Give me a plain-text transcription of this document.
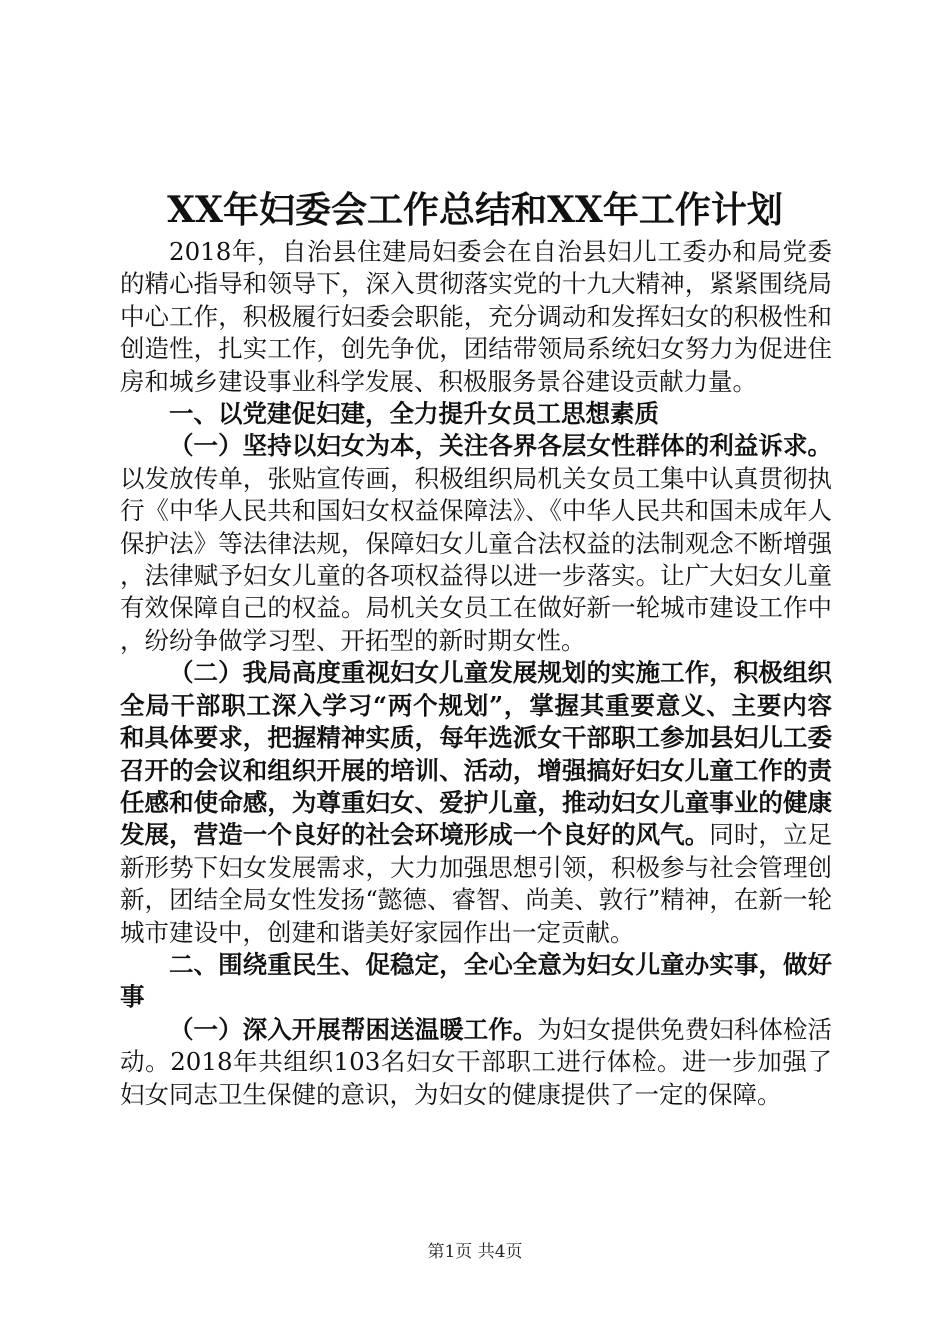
XX年妇委会工作总结和XX年工作计划

2018年，自治县住建局妇委会在自治县妇儿工委办和局党委的精心指导和领导下，深入贯彻落实党的十九大精神，紧紧围绕局中心工作，积极履行妇委会职能，充分调动和发挥妇女的积极性和创造性，扎实工作，创先争优，团结带领局系统妇女努力为促进住房和城乡建设事业科学发展、积极服务景谷建设贡献力量。

一、以党建促妇建，全力提升女员工思想素质

（一）坚持以妇女为本，关注各界各层女性群体的利益诉求。以发放传单，张贴宣传画，积极组织局机关女员工集中认真贯彻执行《中华人民共和国妇女权益保障法》、《中华人民共和国未成年人保护法》等法律法规，保障妇女儿童合法权益的法制观念不断增强，法律赋予妇女儿童的各项权益得以进一步落实。让广大妇女儿童有效保障自己的权益。局机关女员工在做好新一轮城市建设工作中，纷纷争做学习型、开拓型的新时期女性。

（二）我局高度重视妇女儿童发展规划的实施工作，积极组织全局干部职工深入学习“两个规划”，掌握其重要意义、主要内容和具体要求，把握精神实质，每年选派女干部职工参加县妇儿工委召开的会议和组织开展的培训、活动，增强搞好妇女儿童工作的责任感和使命感，为尊重妇女、爱护儿童，推动妇女儿童事业的健康发展，营造一个良好的社会环境形成一个良好的风气。同时，立足新形势下妇女发展需求，大力加强思想引领，积极参与社会管理创新，团结全局女性发扬“懿德、睿智、尚美、敦行”精神，在新一轮城市建设中，创建和谐美好家园作出一定贡献。

二、围绕重民生、促稳定，全心全意为妇女儿童办实事，做好事

（一）深入开展帮困送温暖工作。为妇女提供免费妇科体检活动。2018年共组织103名妇女干部职工进行体检。进一步加强了妇女同志卫生保健的意识，为妇女的健康提供了一定的保障。

第1页 共4页
